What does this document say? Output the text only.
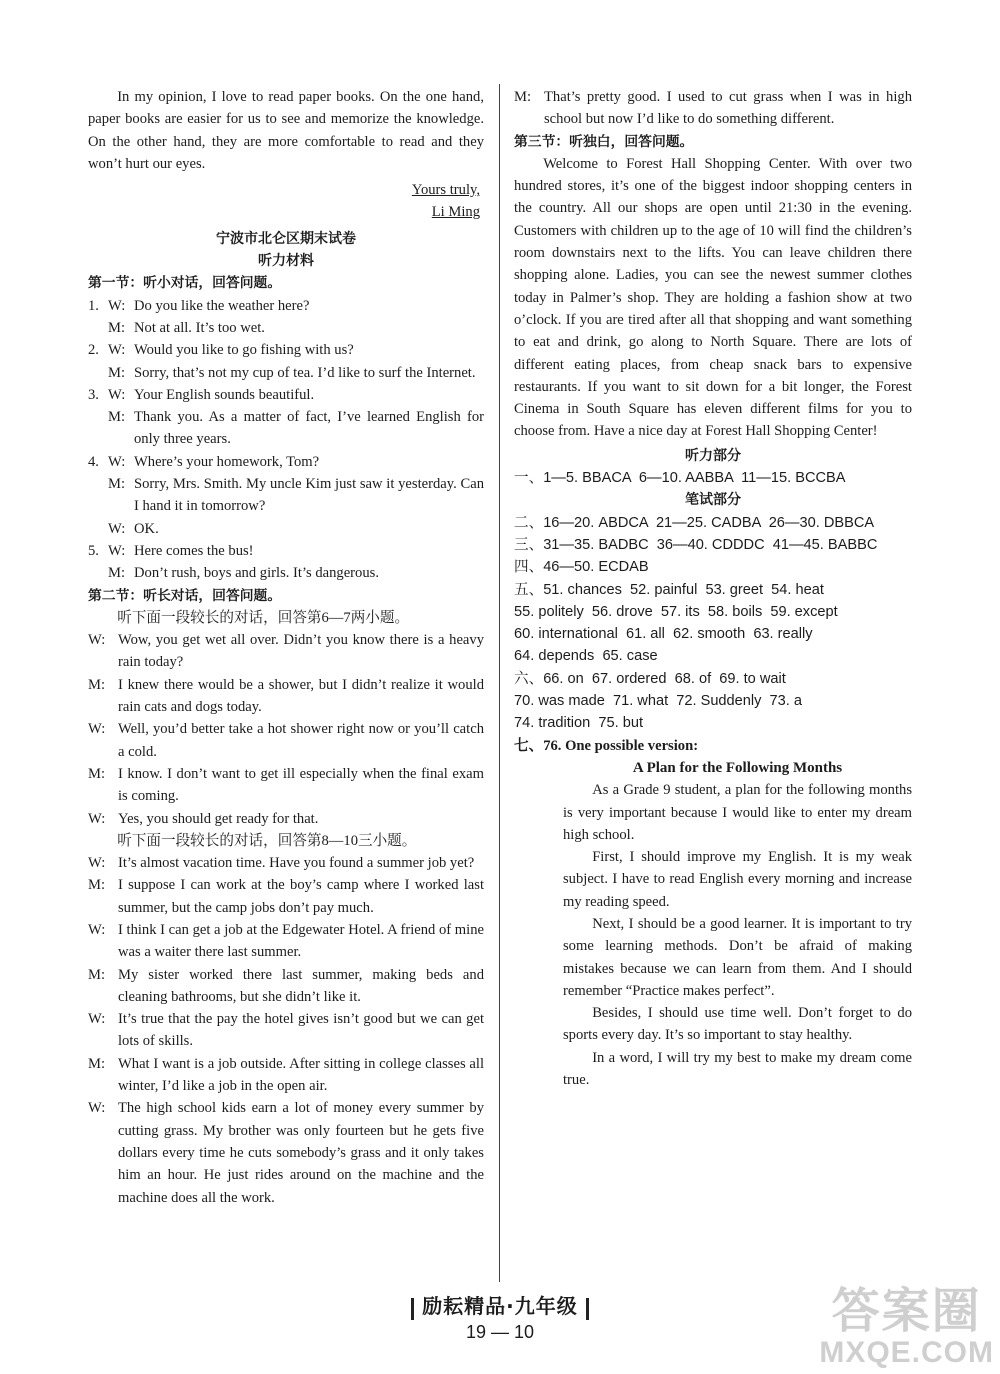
In my opinion, I love to read paper books. On the one hand, paper books are easier for us to see and memorize the knowledge. On the other hand, they are more comfortable to read and they won’t hurt our eyes.

Yours truly,

Li Ming

宁波市北仑区期末试卷
听力材料
第一节：听小对话，回答问题。
1. W: Do you like the weather here?
M: Not at all. It’s too wet.
2. W: Would you like to go fishing with us?
M: Sorry, that’s not my cup of tea. I’d like to surf the Internet.
3. W: Your English sounds beautiful.
M: Thank you. As a matter of fact, I’ve learned English for only three years.
4. W: Where’s your homework, Tom?
M: Sorry, Mrs. Smith. My uncle Kim just saw it yesterday. Can I hand it in tomorrow?
W: OK.
5. W: Here comes the bus!
M: Don’t rush, boys and girls. It’s dangerous.
第二节：听长对话，回答问题。

听下面一段较长的对话，回答第6—7两小题。

W: Wow, you get wet all over. Didn’t you know there is a heavy rain today?
M: I knew there would be a shower, but I didn’t realize it would rain cats and dogs today.
W: Well, you’d better take a hot shower right now or you’ll catch a cold.
M: I know. I don’t want to get ill especially when the final exam is coming.
W: Yes, you should get ready for that.

听下面一段较长的对话，回答第8—10三小题。

W: It’s almost vacation time. Have you found a summer job yet?
M: I suppose I can work at the boy’s camp where I worked last summer, but the camp jobs don’t pay much.
W: I think I can get a job at the Edgewater Hotel. A friend of mine was a waiter there last summer.
M: My sister worked there last summer, making beds and cleaning bathrooms, but she didn’t like it.
W: It’s true that the pay the hotel gives isn’t good but we can get lots of skills.
M: What I want is a job outside. After sitting in college classes all winter, I’d like a job in the open air.
W: The high school kids earn a lot of money every summer by cutting grass. My brother was only fourteen but he gets five dollars every time he cuts somebody’s grass and it only takes him an hour. He just rides around on the machine and the machine does all the work.
M: That’s pretty good. I used to cut grass when I was in high school but now I’d like to do something different.
第三节：听独白，回答问题。

Welcome to Forest Hall Shopping Center. With over two hundred stores, it’s one of the biggest indoor shopping centers in the country. All our shops are open until 21:30 in the evening. Customers with children up to the age of 10 will find the children’s room downstairs next to the lifts. You can leave children there shopping alone. Ladies, you can see the newest summer clothes today in Palmer’s shop. They are holding a fashion show at two o’clock. If you are tired after all that shopping and want something to eat and drink, go along to North Square. There are lots of different eating places, from cheap snack bars to expensive restaurants. If you want to sit down for a bit longer, the Forest Cinema in South Square has eleven different films for you to choose from. Have a nice day at Forest Hall Shopping Center!

听力部分
一、1—5. BBACA  6—10. AABBA  11—15. BCCBA
笔试部分
二、16—20. ABDCA  21—25. CADBA  26—30. DBBCA
三、31—35. BADBC  36—40. CDDDC  41—45. BABBC
四、46—50. ECDAB
五、51. chances  52. painful  53. greet  54. heat
55. politely  56. drove  57. its  58. boils  59. except
60. international  61. all  62. smooth  63. really
64. depends  65. case
六、66. on  67. ordered  68. of  69. to wait
70. was made  71. what  72. Suddenly  73. a
74. tradition  75. but
七、76. One possible version:
A Plan for the Following Months

As a Grade 9 student, a plan for the following months is very important because I would like to enter my dream high school.

First, I should improve my English. It is my weak subject. I have to read English every morning and increase my reading speed.

Next, I should be a good learner. It is important to try some learning methods. Don’t be afraid of making mistakes because we can learn from them. And I should remember “Practice makes perfect”.

Besides, I should use time well. Don’t forget to do sports every day. It’s so important to stay healthy.

In a word, I will try my best to make my dream come true.

励耘精品·九年级
19 — 10	答案圈
MXQE.COM
